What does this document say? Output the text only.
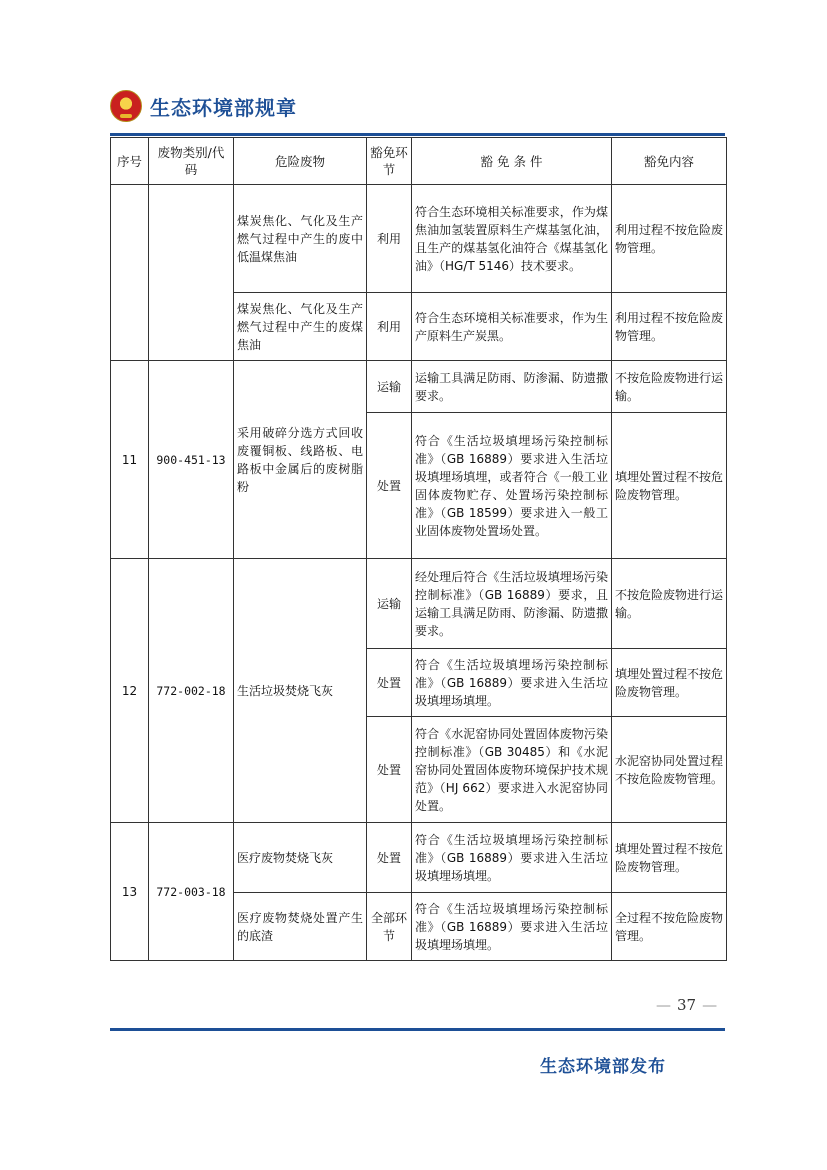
生态环境部规章
序号	废物类别/代码	危险废物	豁免环节	豁 免 条 件	豁免内容
		煤炭焦化、气化及生产燃气过程中产生的废中低温煤焦油	利用	符合生态环境相关标准要求，作为煤焦油加氢装置原料生产煤基氢化油，且生产的煤基氢化油符合《煤基氢化油》（HG/T 5146）技术要求。	利用过程不按危险废物管理。
		煤炭焦化、气化及生产燃气过程中产生的废煤焦油	利用	符合生态环境相关标准要求，作为生产原料生产炭黑。	利用过程不按危险废物管理。
11	900-451-13	采用破碎分选方式回收废覆铜板、线路板、电路板中金属后的废树脂粉	运输	运输工具满足防雨、防渗漏、防遗撒要求。	不按危险废物进行运输。
			处置	符合《生活垃圾填埋场污染控制标准》（GB 16889）要求进入生活垃圾填埋场填埋，或者符合《一般工业固体废物贮存、处置场污染控制标准》（GB 18599）要求进入一般工业固体废物处置场处置。	填埋处置过程不按危险废物管理。
12	772-002-18	生活垃圾焚烧飞灰	运输	经处理后符合《生活垃圾填埋场污染控制标准》（GB 16889）要求，且运输工具满足防雨、防渗漏、防遗撒要求。	不按危险废物进行运输。
			处置	符合《生活垃圾填埋场污染控制标准》（GB 16889）要求进入生活垃圾填埋场填埋。	填埋处置过程不按危险废物管理。
			处置	符合《水泥窑协同处置固体废物污染控制标准》（GB 30485）和《水泥窑协同处置固体废物环境保护技术规范》（HJ 662）要求进入水泥窑协同处置。	水泥窑协同处置过程不按危险废物管理。
13	772-003-18	医疗废物焚烧飞灰	处置	符合《生活垃圾填埋场污染控制标准》（GB 16889）要求进入生活垃圾填埋场填埋。	填埋处置过程不按危险废物管理。
		医疗废物焚烧处置产生的底渣	全部环节	符合《生活垃圾填埋场污染控制标准》（GB 16889）要求进入生活垃圾填埋场填埋。	全过程不按危险废物管理。
— 37 —
生态环境部发布
